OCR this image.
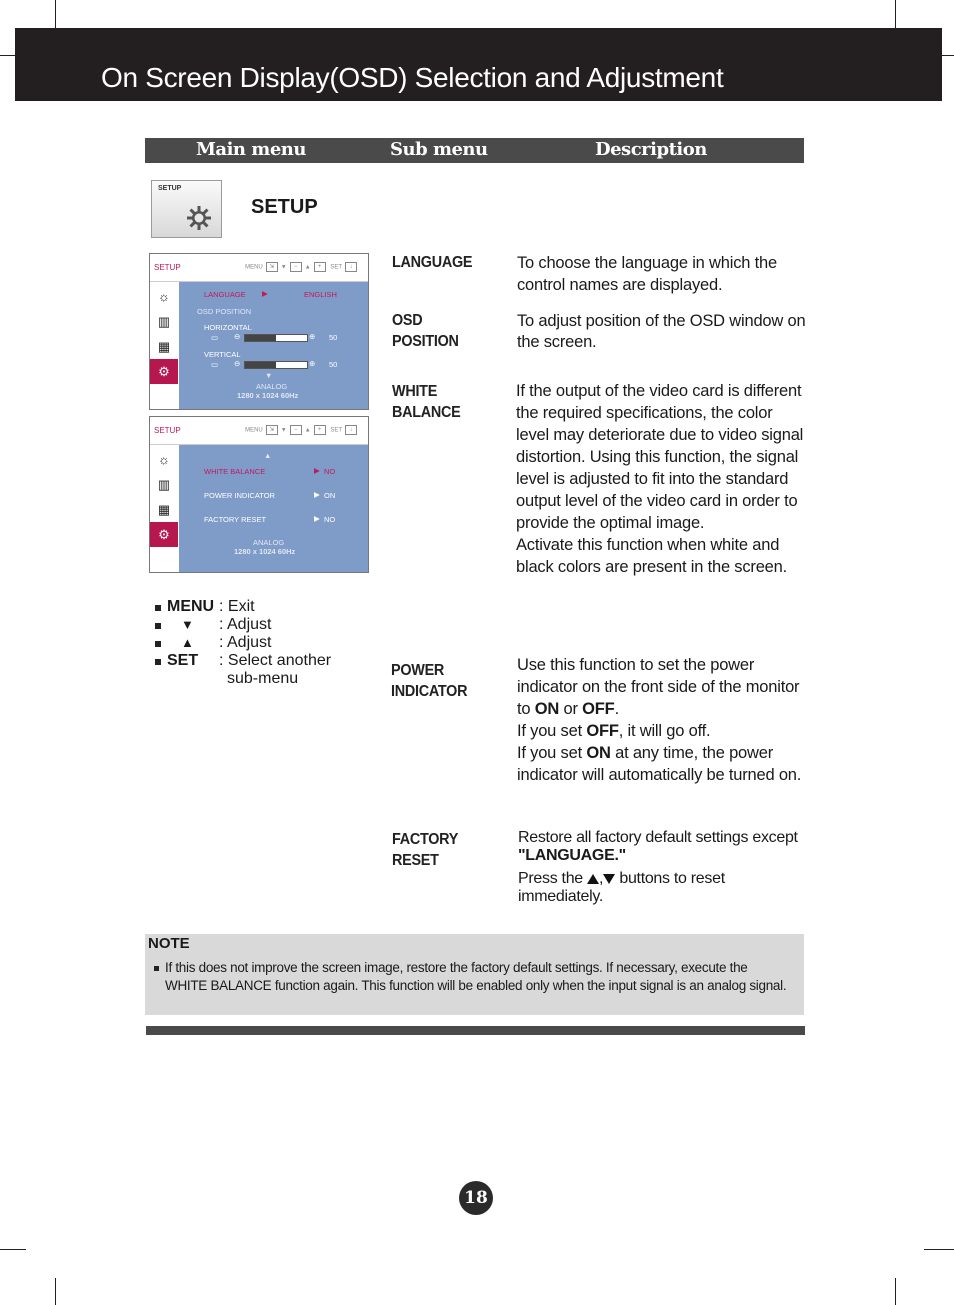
On Screen Display(OSD) Selection and Adjustment
Main menu	Sub menu	Description
SETUP
SETUP
SETUP	MENU ⇲ ▼ − ▲ + SET ↓
☼
▥
▦
⚙
LANGUAGE ▶	ENGLISH
OSD POSITION
HORIZONTAL
▭ ⊖	⊕ 50
VERTICAL
▭ ⊖	⊕ 50
▼
ANALOG
1280 x 1024 60Hz
SETUP	MENU ⇲ ▼ − ▲ + SET ↓
☼
▥
▦
⚙
▲
WHITE BALANCE	▶ NO
POWER INDICATOR	▶ ON
FACTORY RESET	▶ NO
ANALOG
1280 x 1024 60Hz
MENU : Exit
▼ : Adjust
▲ : Adjust
SET : Select another
sub-menu
LANGUAGE	To choose the language in which the control names are displayed.
OSD
POSITION
To adjust position of the OSD window on the screen.
WHITE
BALANCE
If the output of the video card is different the required specifications, the color level may deteriorate due to video signal distortion. Using this function, the signal level is adjusted to fit into the standard output level of the video card in order to provide the optimal image.
Activate this function when white and black colors are present in the screen.
POWER
INDICATOR
Use this function to set the power indicator on the front side of the monitor to ON or OFF.
If you set OFF, it will go off.
If you set ON at any time, the power indicator will automatically be turned on.
FACTORY
RESET
Restore all factory default settings except
"LANGUAGE."
Press the , buttons to reset
immediately.
NOTE
If this does not improve the screen image, restore the factory default settings. If necessary, execute the WHITE BALANCE function again. This function will be enabled only when the input signal is an analog signal.
18
